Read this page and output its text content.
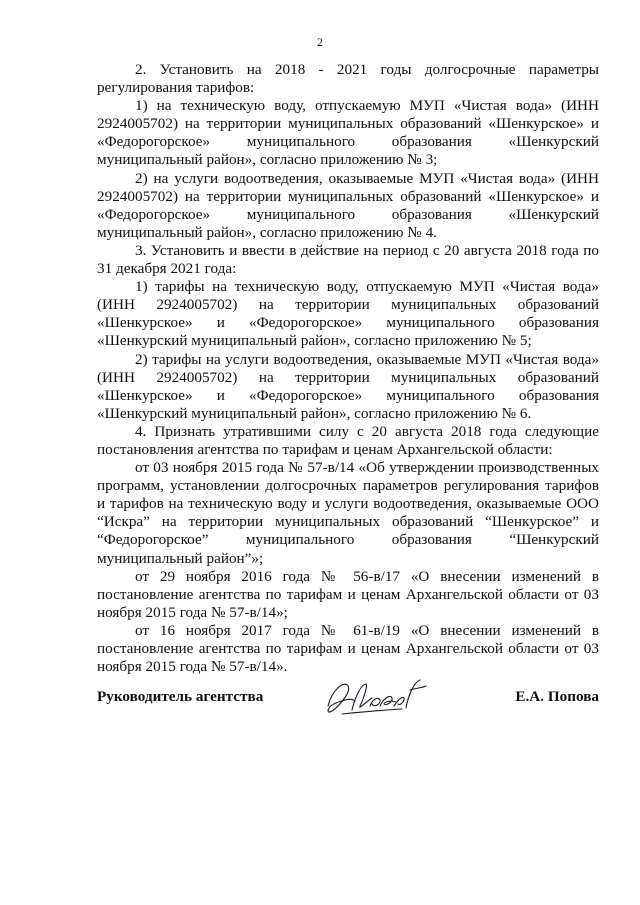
2

2. Установить на 2018 - 2021 годы долгосрочные параметры регулирования тарифов:

1) на техническую воду, отпускаемую МУП «Чистая вода» (ИНН 2924005702) на территории муниципальных образований «Шенкурское» и «Федорогорское» муниципального образования «Шенкурский муниципальный район», согласно приложению № 3;

2) на услуги водоотведения, оказываемые МУП «Чистая вода» (ИНН 2924005702) на территории муниципальных образований «Шенкурское» и «Федорогорское» муниципального образования «Шенкурский муниципальный район», согласно приложению № 4.

3. Установить и ввести в действие на период с 20 августа 2018 года по 31 декабря 2021 года:

1) тарифы на техническую воду, отпускаемую МУП «Чистая вода» (ИНН 2924005702) на территории муниципальных образований «Шенкурское» и «Федорогорское» муниципального образования «Шенкурский муниципальный район», согласно приложению № 5;

2) тарифы на услуги водоотведения, оказываемые МУП «Чистая вода» (ИНН 2924005702) на территории муниципальных образований «Шенкурское» и «Федорогорское» муниципального образования «Шенкурский муниципальный район», согласно приложению № 6.

4. Признать утратившими силу с 20 августа 2018 года следующие постановления агентства по тарифам и ценам Архангельской области:

от 03 ноября 2015 года № 57-в/14 «Об утверждении производственных программ, установлении долгосрочных параметров регулирования тарифов и тарифов на техническую воду и услуги водоотведения, оказываемые ООО “Искра” на территории муниципальных образований “Шенкурское” и “Федорогорское” муниципального образования “Шенкурский муниципальный район”»;

от 29 ноября 2016 года № 56-в/17 «О внесении изменений в постановление агентства по тарифам и ценам Архангельской области от 03 ноября 2015 года № 57-в/14»;

от 16 ноября 2017 года № 61-в/19 «О внесении изменений в постановление агентства по тарифам и ценам Архангельской области от 03 ноября 2015 года № 57-в/14».

Руководитель агентства	Е.А. Попова
